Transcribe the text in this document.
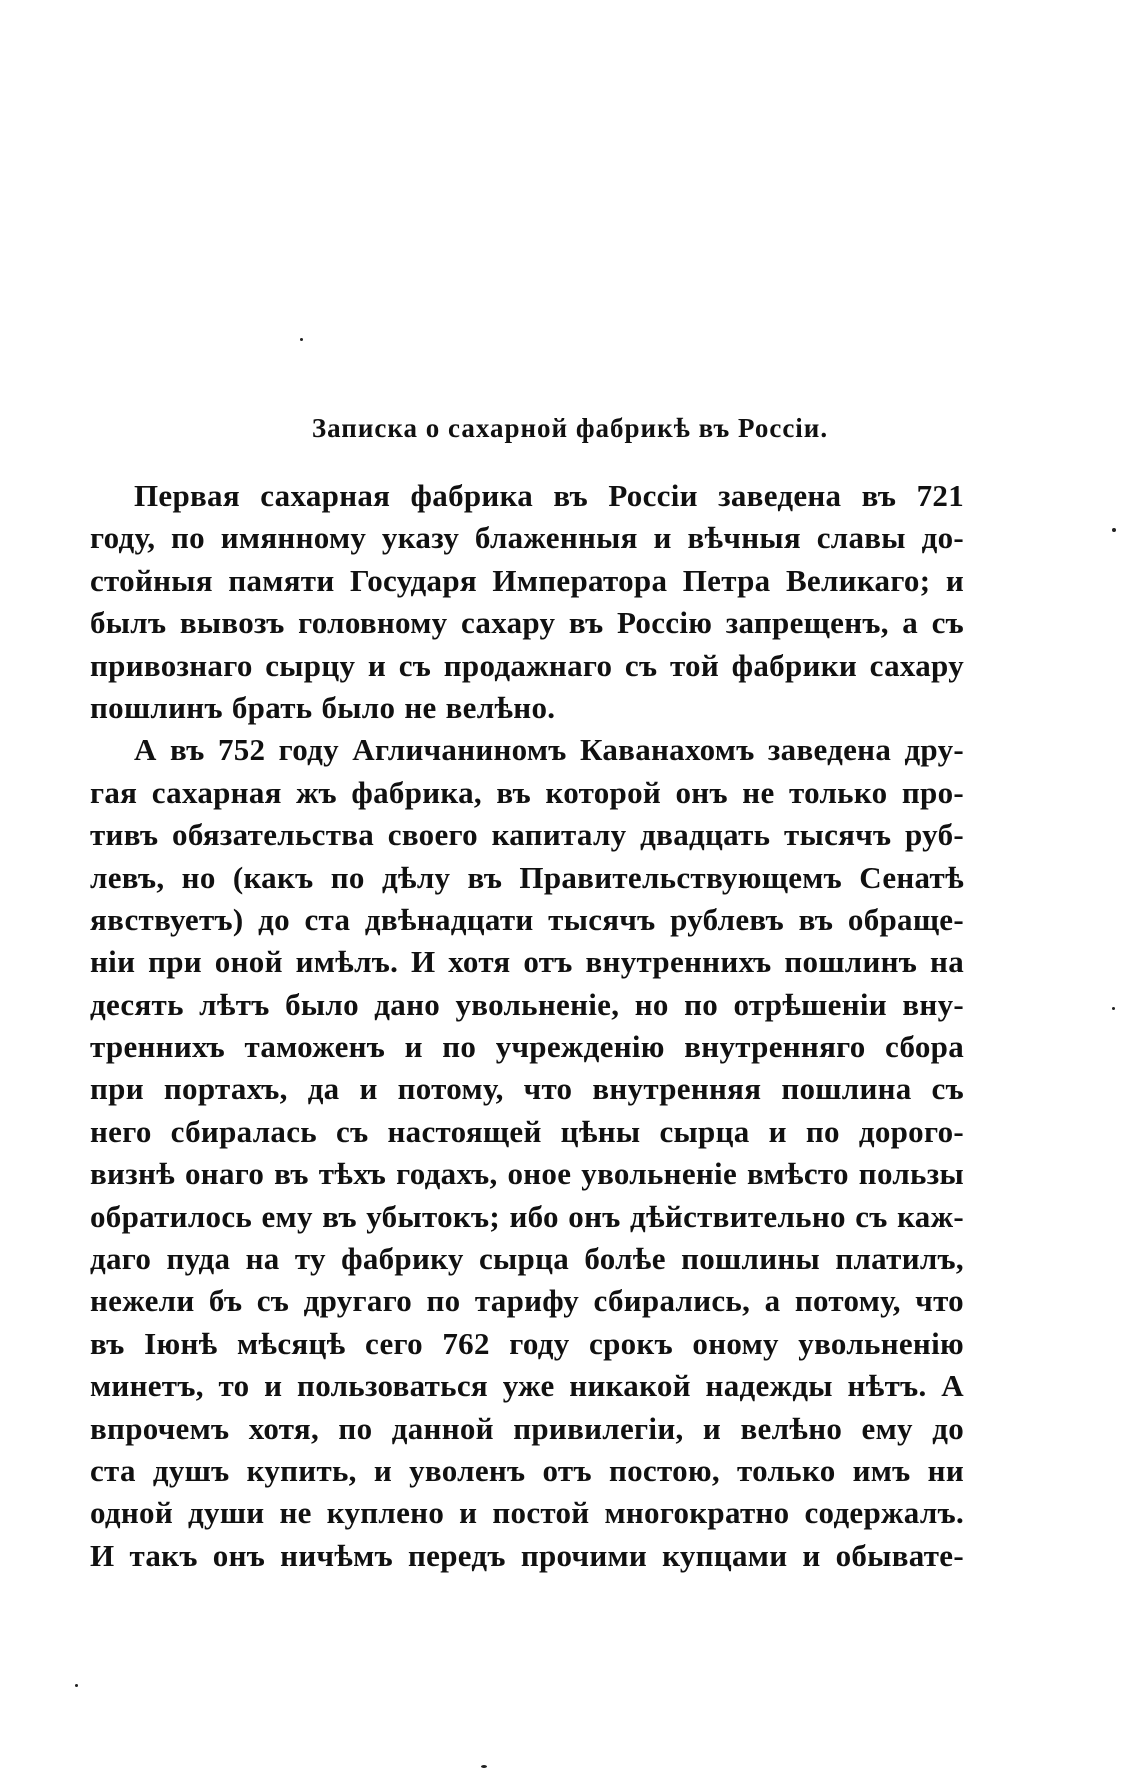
Записка о сахарной фабрикѣ въ Россіи.
Первая сахарная фабрика въ Россіи заведена въ 721
году, по имянному указу блаженныя и вѣчныя славы до-
стойныя памяти Государя Императора Петра Великаго; и
былъ вывозъ головному сахару въ Россію запрещенъ, а съ
привознаго сырцу и съ продажнаго съ той фабрики сахару
пошлинъ брать было не велѣно.
А въ 752 году Агличаниномъ Каванахомъ заведена дру-
гая сахарная жъ фабрика, въ которой онъ не только про-
тивъ обязательства своего капиталу двадцать тысячъ руб-
левъ, но (какъ по дѣлу въ Правительствующемъ Сенатѣ
явствуетъ) до ста двѣнадцати тысячъ рублевъ въ обраще-
ніи при оной имѣлъ. И хотя отъ внутреннихъ пошлинъ на
десять лѣтъ было дано увольненіе, но по отрѣшеніи вну-
треннихъ таможенъ и по учрежденію внутренняго сбора
при портахъ, да и потому, что внутренняя пошлина съ
него сбиралась съ настоящей цѣны сырца и по дорого-
визнѣ онаго въ тѣхъ годахъ, оное увольненіе вмѣсто пользы
обратилось ему въ убытокъ; ибо онъ дѣйствительно съ каж-
даго пуда на ту фабрику сырца болѣе пошлины платилъ,
нежели бъ съ другаго по тарифу сбирались, а потому, что
въ Іюнѣ мѣсяцѣ сего 762 году срокъ оному увольненію
минетъ, то и пользоваться уже никакой надежды нѣтъ. А
впрочемъ хотя, по данной привилегіи, и велѣно ему до
ста душъ купить, и уволенъ отъ постою, только имъ ни
одной души не куплено и постой многократно содержалъ.
И такъ онъ ничѣмъ передъ прочими купцами и обывате-
